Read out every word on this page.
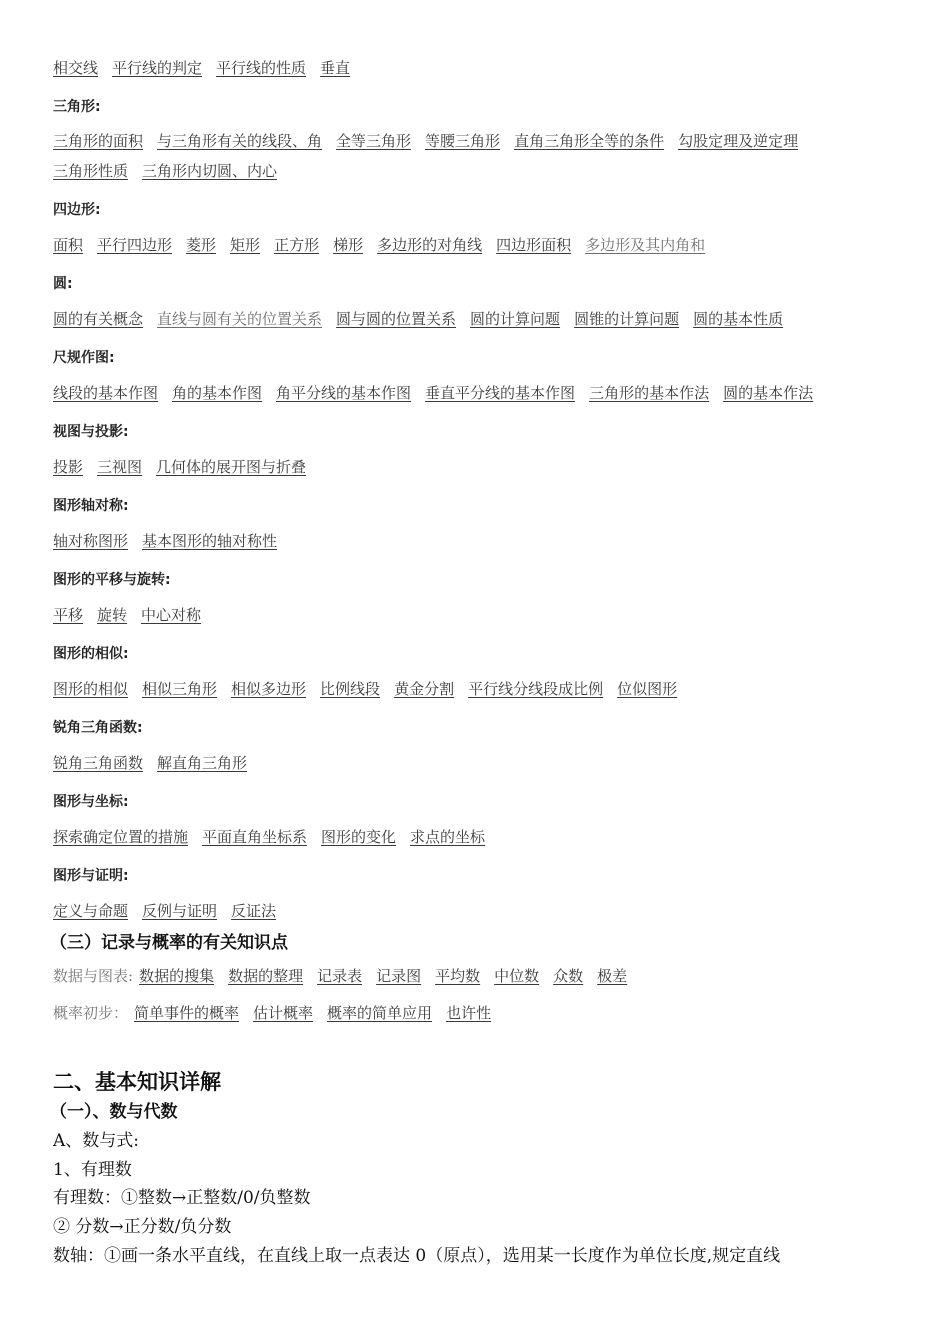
相交线 平行线的判定 平行线的性质 垂直
三角形:
三角形的面积 与三角形有关的线段、角 全等三角形 等腰三角形 直角三角形全等的条件 勾股定理及逆定理
三角形性质 三角形内切圆、内心
四边形:
面积 平行四边形 菱形 矩形 正方形 梯形 多边形的对角线 四边形面积 多边形及其内角和
圆:
圆的有关概念 直线与圆有关的位置关系 圆与圆的位置关系 圆的计算问题 圆锥的计算问题 圆的基本性质
尺规作图:
线段的基本作图 角的基本作图 角平分线的基本作图 垂直平分线的基本作图 三角形的基本作法 圆的基本作法
视图与投影:
投影 三视图 几何体的展开图与折叠
图形轴对称:
轴对称图形 基本图形的轴对称性
图形的平移与旋转:
平移 旋转 中心对称
图形的相似:
图形的相似 相似三角形 相似多边形 比例线段 黄金分割 平行线分线段成比例 位似图形
锐角三角函数:
锐角三角函数 解直角三角形
图形与坐标:
探索确定位置的措施 平面直角坐标系 图形的变化 求点的坐标
图形与证明:
定义与命题 反例与证明 反证法
（三）记录与概率的有关知识点
数据与图表: 数据的搜集 数据的整理 记录表 记录图 平均数 中位数 众数 极差
概率初步： 简单事件的概率 估计概率 概率的简单应用 也许性
二、基本知识详解
（一）、数与代数
A、数与式:
1、有理数
有理数：①整数→正整数/0/负整数
② 分数→正分数/负分数
数轴：①画一条水平直线，在直线上取一点表达 0（原点），选用某一长度作为单位长度,规定直线
